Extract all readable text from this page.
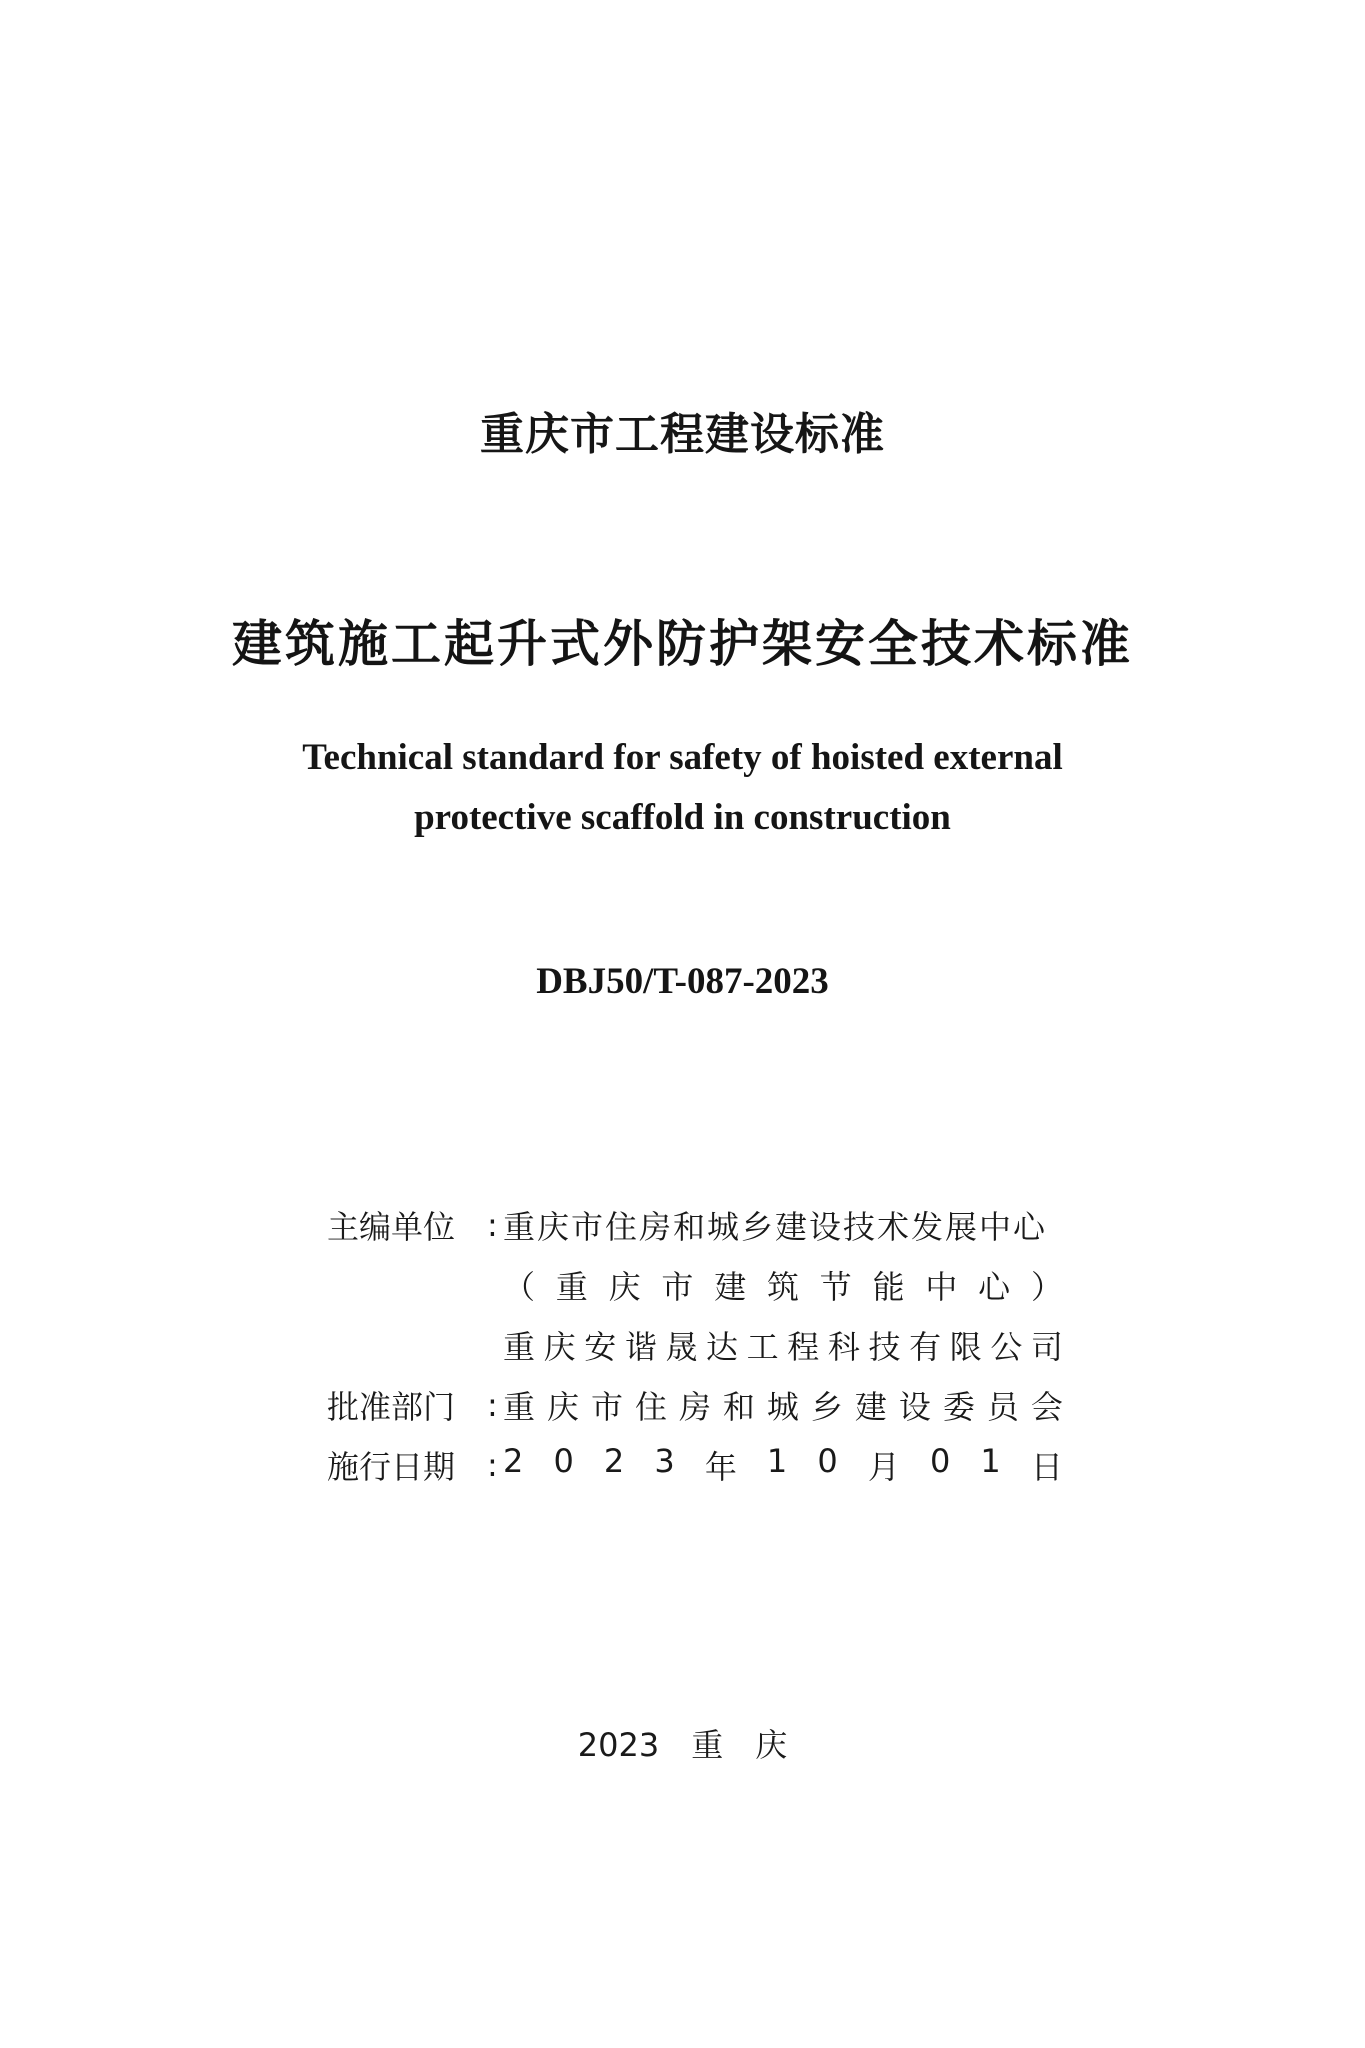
重庆市工程建设标准
建筑施工起升式外防护架安全技术标准
Technical standard for safety of hoisted external
protective scaffold in construction
DBJ50/T-087-2023
主编单位 : 重庆市住房和城乡建设技术发展中心
（ 重 庆 市 建 筑 节 能 中 心 ）
重 庆 安 谐 晟 达 工 程 科 技 有 限 公 司
批准部门 : 重 庆 市 住 房 和 城 乡 建 设 委 员 会
施行日期 : 2 0 2 3 年 1 0 月 0 1 日
2023　 重　庆
